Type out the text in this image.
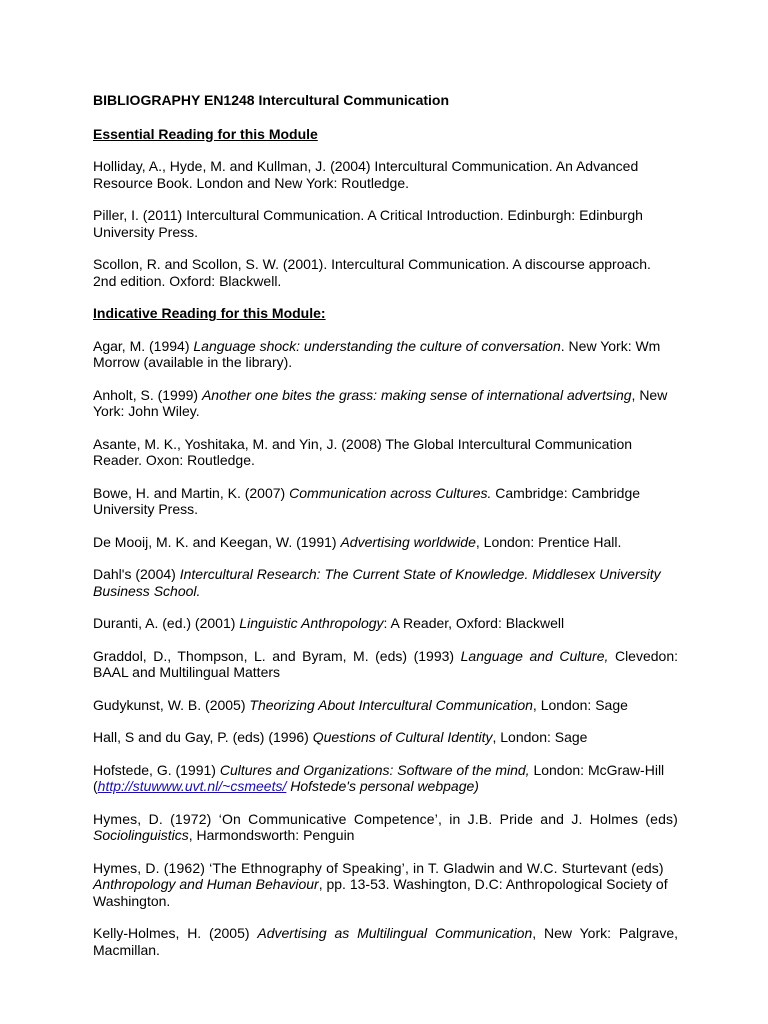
BIBLIOGRAPHY EN1248 Intercultural Communication
Essential Reading for this Module
Holliday, A., Hyde, M. and Kullman, J. (2004) Intercultural Communication. An Advanced Resource Book. London and New York: Routledge.
Piller, I. (2011) Intercultural Communication. A Critical Introduction. Edinburgh: Edinburgh University Press.
Scollon, R. and Scollon, S. W. (2001). Intercultural Communication. A discourse approach. 2nd edition. Oxford: Blackwell.
Indicative Reading for this Module:
Agar, M. (1994) Language shock: understanding the culture of conversation. New York: Wm Morrow (available in the library).
Anholt, S. (1999) Another one bites the grass: making sense of international advertsing, New York: John Wiley.
Asante, M. K., Yoshitaka, M. and Yin, J. (2008) The Global Intercultural Communication Reader. Oxon: Routledge.
Bowe, H. and Martin, K. (2007) Communication across Cultures. Cambridge: Cambridge University Press.
De Mooij, M. K. and Keegan, W. (1991) Advertising worldwide, London: Prentice Hall.
Dahl's (2004) Intercultural Research: The Current State of Knowledge. Middlesex University Business School.
Duranti, A. (ed.) (2001) Linguistic Anthropology: A Reader, Oxford: Blackwell
Graddol, D., Thompson, L. and Byram, M. (eds) (1993) Language and Culture, Clevedon: BAAL and Multilingual Matters
Gudykunst, W. B. (2005) Theorizing About Intercultural Communication, London: Sage
Hall, S and du Gay, P. (eds) (1996) Questions of Cultural Identity, London: Sage
Hofstede, G. (1991) Cultures and Organizations: Software of the mind, London: McGraw-Hill (http://stuwww.uvt.nl/~csmeets/ Hofstede's personal webpage)
Hymes, D. (1972) ‘On Communicative Competence’, in J.B. Pride and J. Holmes (eds) Sociolinguistics, Harmondsworth: Penguin
Hymes, D. (1962) ‘The Ethnography of Speaking’, in T. Gladwin and W.C. Sturtevant (eds) Anthropology and Human Behaviour, pp. 13-53. Washington, D.C: Anthropological Society of Washington.
Kelly-Holmes, H. (2005) Advertising as Multilingual Communication, New York: Palgrave, Macmillan.
